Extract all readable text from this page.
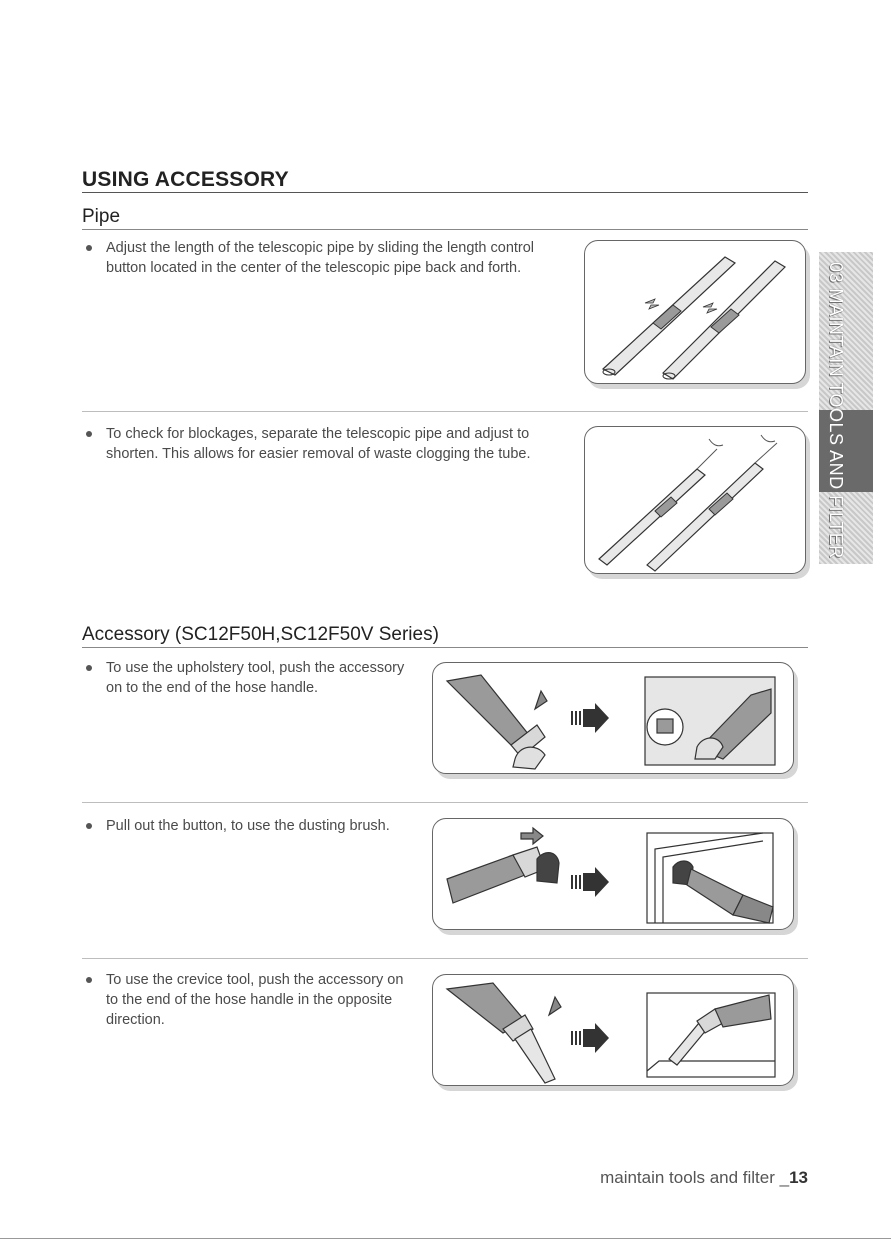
USING ACCESSORY
Pipe
Adjust the length of the telescopic pipe by sliding the length control
button located in the center of the telescopic pipe back and forth.
To check for blockages, separate the telescopic pipe and adjust to
shorten. This allows for easier removal of waste clogging the tube.	03 MAINTAIN TOOLS AND FILTER
Accessory (SC12F50H,SC12F50V Series)
To use the upholstery tool, push the accessory
on to the end of the hose handle.
Pull out the button, to use the dusting brush.
To use the crevice tool, push the accessory on
to the end of the hose handle in the opposite
direction.
maintain tools and filter _13
